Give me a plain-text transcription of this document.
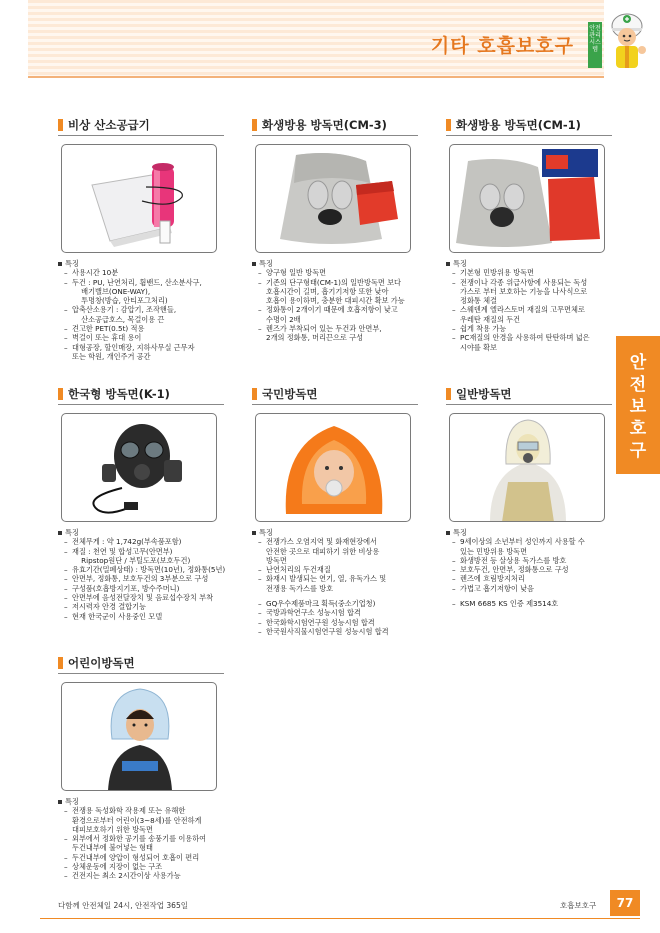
기타 호흡보호구
안전관리시스템
안전보호구
비상 산소공급기
특징
– 사용시간 10분
– 두건 : PU, 난연처리, 휨밴드, 산소분사구,
배기밸브(ONE-WAY),
투명창(방습, 안티포그처리)
– 압축산소용기 : 감압기, 조작핸들,
산소공급호스, 목걸이용 끈
– 견고한 PET(0.5t) 적용
– 벽걸이 또는 휴대 용이
– 대형공장, 할인매장, 지하사무실 근무자
또는 학원, 개인주거 공간
화생방용 방독면(CM-3)
특징
– 양구형 일반 방독면
– 기존의 단구형태(CM-1)의 일반방독면 보다
호흡시간이 길며, 흡기기저항 또한 낮아
호흡이 용이하며, 충분한 대피시간 확보 가능
– 정화통이 2개이기 때문에 호흡저항이 낮고
수명이 2배
– 렌즈가 부착되어 있는 두건과 안면부,
2개의 정화통, 머리끈으로 구성
화생방용 방독면(CM-1)
특징
– 기본형 민방위용 방독면
– 전쟁이나 각종 위급사항에 사용되는 독성
가스로 부터 보호하는 기능을 나사식으로
정화통 체결
– 스웨덴계 엘라스토머 재질의 고무면체로
우레탄 재질의 두건
– 쉽게 착용 가능
– PC재질의 안경을 사용하여 탄탄하며 넓은
시야를 확보
한국형 방독면(K-1)
특징
– 전체무게 : 약 1,742g(부속품포함)
– 재질 : 천연 및 합성고무(안면부)
Ripstop원단 / 부틸도포(보호두건)
– 유효기간(밀폐상태) : 방독면(10년), 정화통(5년)
– 안면부, 정화통, 보호두건의 3부분으로 구성
– 구성품(호흡방지기포, 방수주머니)
– 안면부에 음성전달장치 및 음료섭수장치 부착
– 저시력자 안경 결합기능
– 현재 한국군이 사용중인 모델
국민방독면
특징
– 전쟁가스 오염지역 및 화재현장에서
안전한 곳으로 대피하기 위한 비상용
방독면
– 난연처리의 두건재질
– 화재시 발생되는 연기, 열, 유독가스 및
전쟁용 독가스를 방호
– GQ우수제품마크 획득(중소기업청)
– 국방과학연구소 성능시험 합격
– 한국화학시험연구원 성능시험 합격
– 한국원사직물시험연구원 성능시험 합격
일반방독면
특징
– 9세이상의 소년부터 성인까지 사용할 수
있는 민방위용 방독면
– 화생방전 등 살상용 독가스를 방호
– 보호두건, 안면부, 정화통으로 구성
– 렌즈에 흐림방지처리
– 가볍고 흡기저항이 낮음
– KSM 6685 KS 인증 제3514호
어린이방독면
특징
– 전쟁용 독성화학 작용제 또는 유해한
환경으로부터 어린이(3~8세)를 안전하게
대피보호하기 위한 방독면
– 외부에서 정화한 공기를 송풍기를 이용하여
두건내부에 불어넣는 형태
– 두건내부에 양압이 형성되어 호흡이 편리
– 상체운동에 지장이 없는 구조
– 건전지는 최소 2시간이상 사용가능
다함께 안전체일 24시, 안전작업 365일	호흡보호구	77
